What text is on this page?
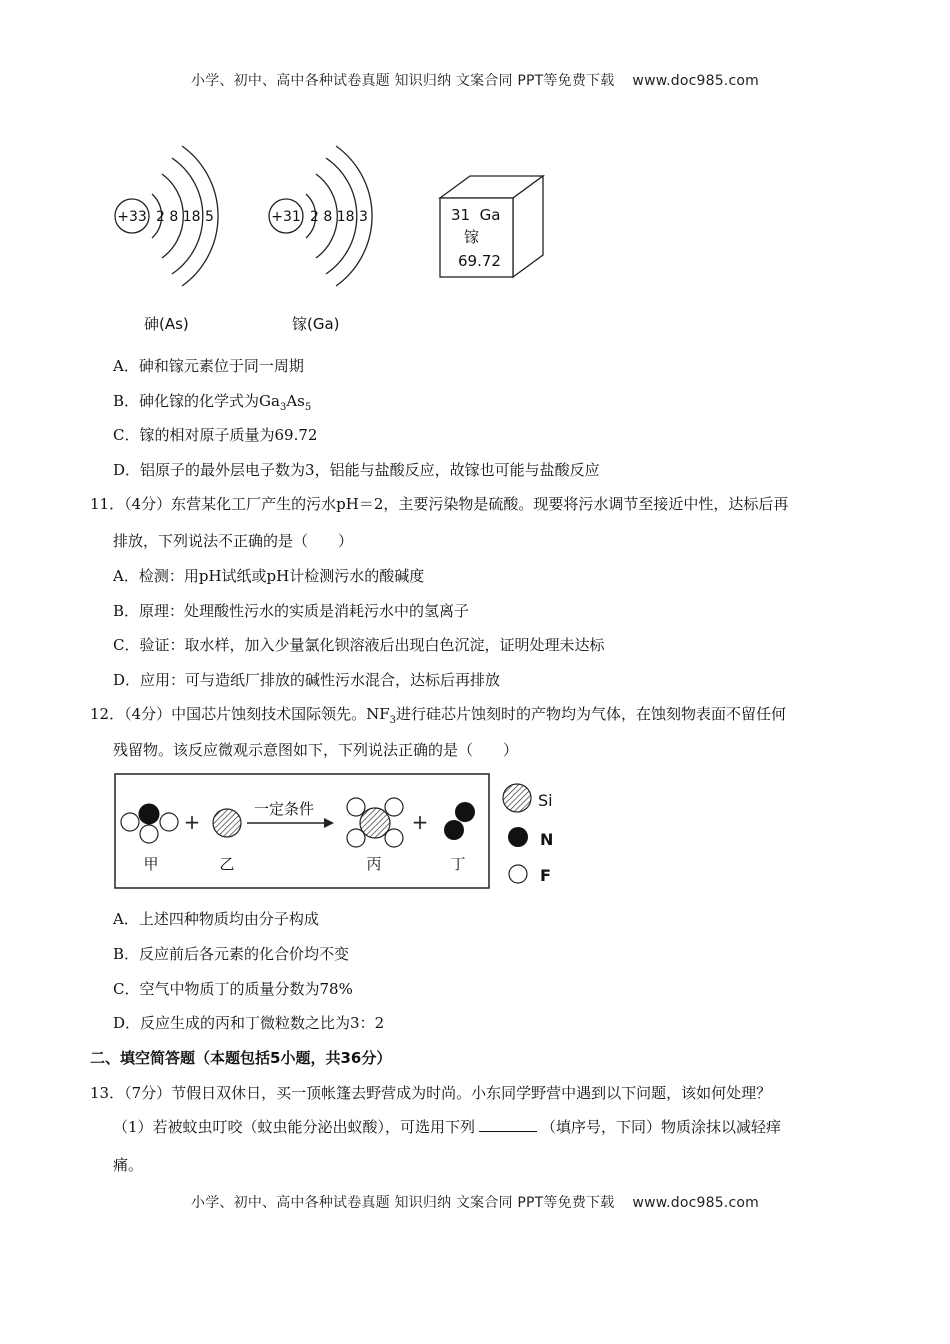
小学、初中、高中各种试卷真题 知识归纳 文案合同 PPT等免费下载 www.doc985.com
+33 2 8 18 5
砷(As)
+31 2 8 18 3
镓(Ga)
31  Ga
镓
69.72
A．砷和镓元素位于同一周期
B．砷化镓的化学式为$Ga_3As_5$
C．镓的相对原子质量为69.72
D．铝原子的最外层电子数为3，铝能与盐酸反应，故镓也可能与盐酸反应
11．（4分）东营某化工厂产生的污水pH＝2，主要污染物是硫酸。现要将污水调节至接近中性，达标后再
排放，下列说法不正确的是（　　）
A．检测：用pH试纸或pH计检测污水的酸碱度
B．原理：处理酸性污水的实质是消耗污水中的氢离子
C．验证：取水样，加入少量氯化钡溶液后出现白色沉淀，证明处理未达标
D．应用：可与造纸厂排放的碱性污水混合，达标后再排放
12．（4分）中国芯片蚀刻技术国际领先。$NF_3$进行硅芯片蚀刻时的产物均为气体，在蚀刻物表面不留任何
残留物。该反应微观示意图如下，下列说法正确的是（　　）
+
一定条件
+
甲	乙	丙	丁
Si
N
F
A．上述四种物质均由分子构成
B．反应前后各元素的化合价均不变
C．空气中物质丁的质量分数为78%
D．反应生成的丙和丁微粒数之比为3：2
二、填空简答题（本题包括5小题，共36分）
13．（7分）节假日双休日，买一顶帐篷去野营成为时尚。小东同学野营中遇到以下问题，该如何处理？
（1）若被蚊虫叮咬（蚊虫能分泌出蚁酸），可选用下列	（填序号，下同）物质涂抹以减轻痒
痛。
小学、初中、高中各种试卷真题 知识归纳 文案合同 PPT等免费下载 www.doc985.com
